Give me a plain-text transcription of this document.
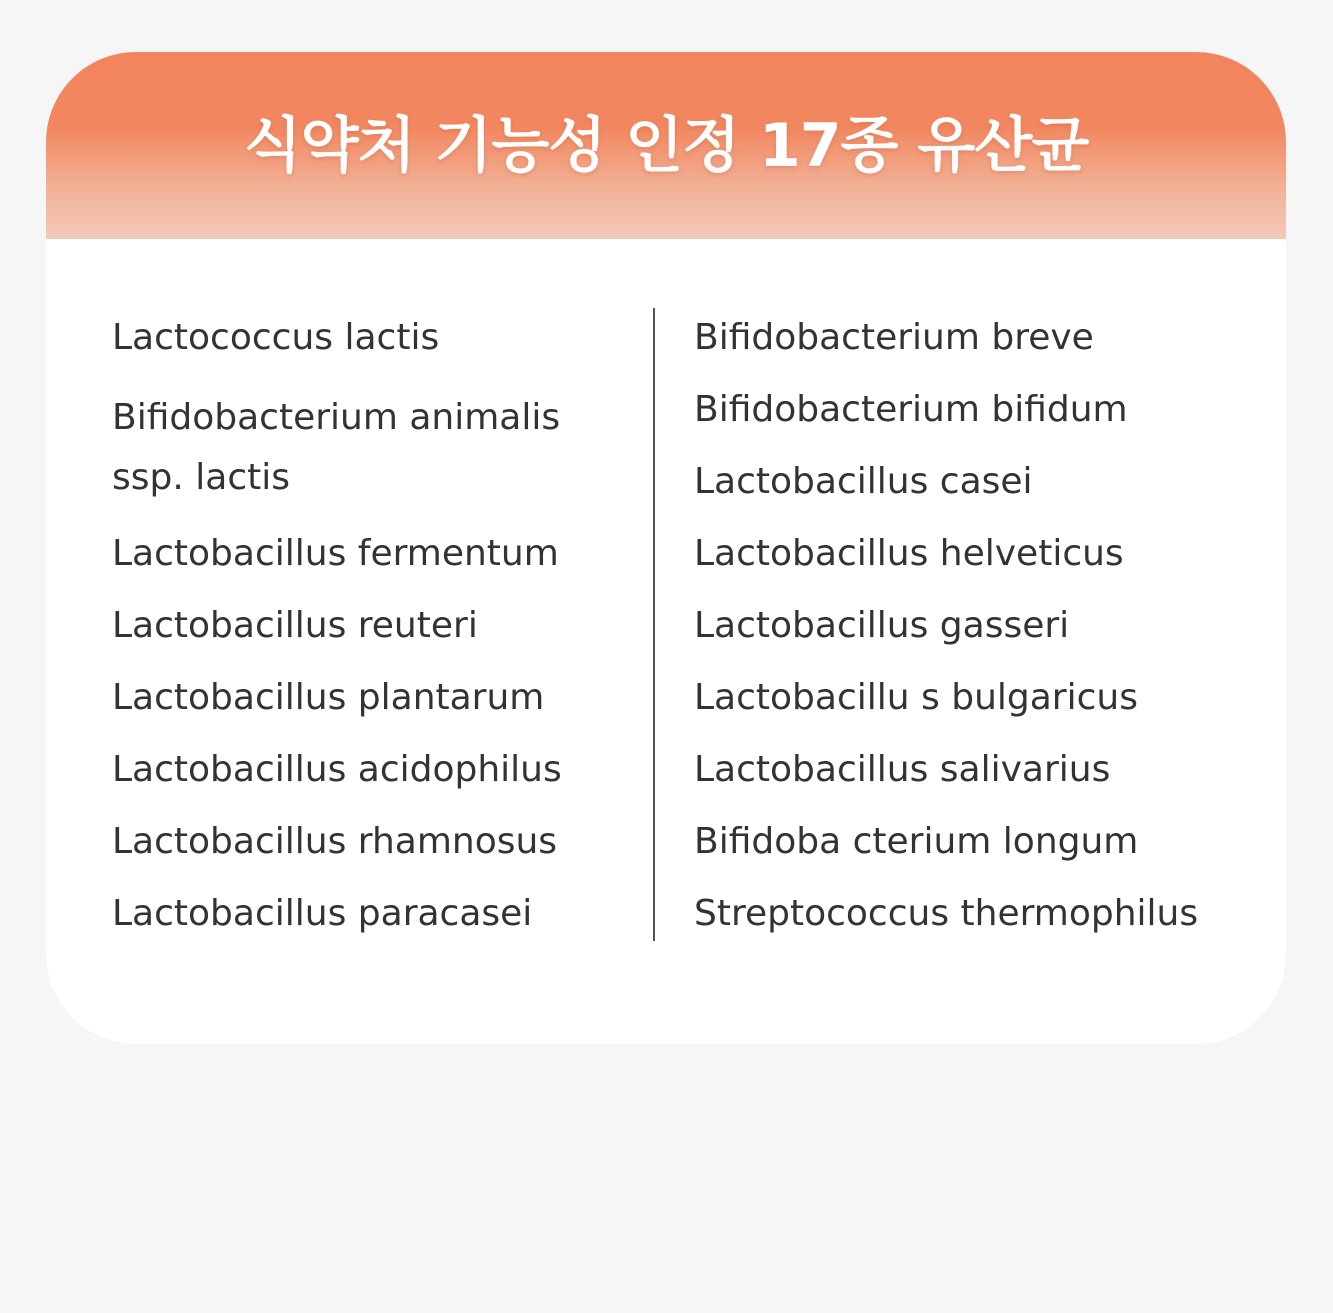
식약처 기능성 인정 17종 유산균
Lactococcus lactis
Bifidobacterium animalis
ssp. lactis
Lactobacillus fermentum
Lactobacillus reuteri
Lactobacillus plantarum
Lactobacillus acidophilus
Lactobacillus rhamnosus
Lactobacillus paracasei
Bifidobacterium breve
Bifidobacterium bifidum
Lactobacillus casei
Lactobacillus helveticus
Lactobacillus gasseri
Lactobacillu s bulgaricus
Lactobacillus salivarius
Bifidoba cterium longum
Streptococcus thermophilus
